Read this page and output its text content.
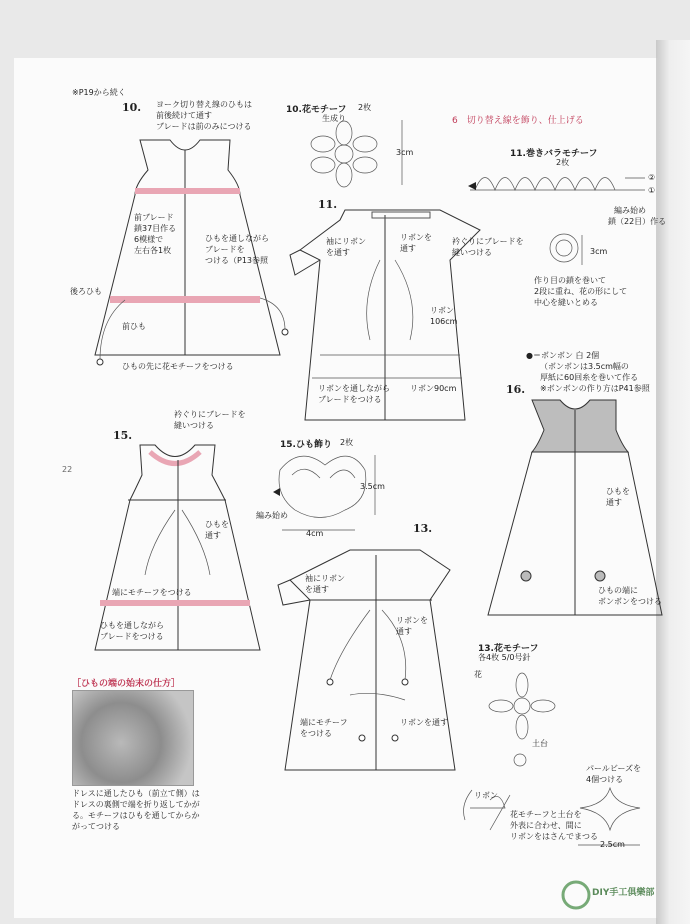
※P19から続く
22
10. ヨーク切り替え線のひもは
前後続けて通す
ブレードは前のみにつける
前ブレード
鎖37目作る
6模様で
左右各1枚
ひもを通しながら
ブレードを
つける（P13参照
後ろひも
前ひも
ひもの先に花モチーフをつける
10.花モチーフ 2枚
生成り
3cm
6　切り替え線を飾り、仕上げる
11.
袖にリボン
を通す
リボンを
通す
衿ぐりにブレードを
縫いつける
リボン
106cm
リボンを通しながら
ブレードをつける
リボン90cm
11.巻きバラモチーフ
2枚
②
①
編み始め
鎖（22目）作る
3cm
作り目の鎖を巻いて
2段に重ね、花の形にして
中心を縫いとめる
●＝ボンボン 白 2個
（ボンボンは3.5cm幅の
厚紙に60回糸を巻いて作る
※ボンボンの作り方はP41参照
16.
ひもを
通す
ひもの端に
ボンボンをつける
15.
衿ぐりにブレードを
縫いつける
ひもを
通す
端にモチーフをつける
ひもを通しながら
ブレードをつける
15.ひも飾り 2枚
3.5cm
編み始め
4cm	13.
袖にリボン
を通す
リボンを
通す
端にモチーフ
をつける
リボンを通す
13.花モチーフ
各4枚 5/0号針
花
土台
パールビーズを
4個つける
リボン
花モチーフと土台を
外表に合わせ、間に
リボンをはさんでまつる
2.5cm
［ひもの端の始末の仕方］
ドレスに通したひも（前立て側）は
ドレスの裏側で端を折り返してかが
る。モチーフはひもを通してからか
がってつける
DIY手工俱樂部
